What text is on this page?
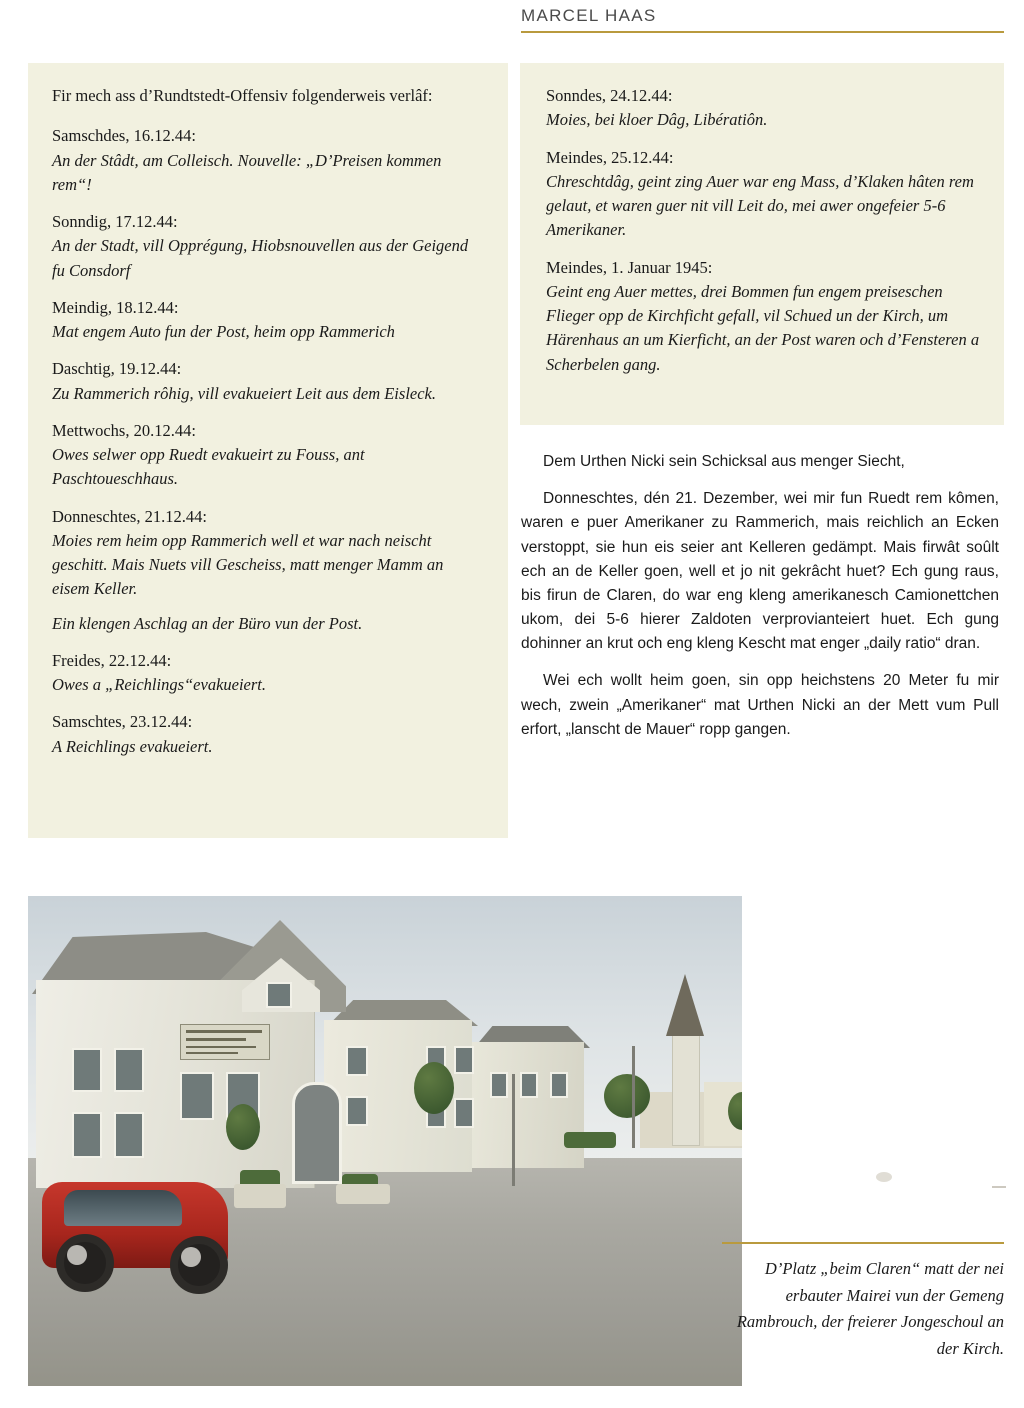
MARCEL HAAS
Fir mech ass d’Rundtstedt-Offensiv folgenderweis verlâf:
Samschdes, 16.12.44:
An der Stâdt, am Colleisch. Nouvelle: „D’Preisen kommen rem“!
Sonndig, 17.12.44:
An der Stadt, vill Opprégung, Hiobsnouvellen aus der Geigend fu Consdorf
Meindig, 18.12.44:
Mat engem Auto fun der Post, heim opp Rammerich
Daschtig, 19.12.44:
Zu Rammerich rôhig, vill evakueiert Leit aus dem Eisleck.
Mettwochs, 20.12.44:
Owes selwer opp Ruedt evakueirt zu Fouss, ant Paschtoueschhaus.
Donneschtes, 21.12.44:
Moies rem heim opp Rammerich well et war nach neischt geschitt. Mais Nuets vill Gescheiss, matt menger Mamm an eisem Keller.
Ein klengen Aschlag an der Büro vun der Post.
Freides, 22.12.44:
Owes a „Reichlings“evakueiert.
Samschtes, 23.12.44:
A Reichlings evakueiert.
Sonndes, 24.12.44:
Moies, bei kloer Dâg, Libératiôn.
Meindes, 25.12.44:
Chreschtdâg, geint zing Auer war eng Mass, d’Klaken hâten rem gelaut, et waren guer nit vill Leit do, mei awer ongefeier 5-6 Amerikaner.
Meindes, 1. Januar 1945:
Geint eng Auer mettes, drei Bommen fun engem preiseschen Flieger opp de Kirchficht gefall, vil Schued un der Kirch, um Härenhaus an um Kierficht, an der Post waren och d’Fensteren a Scherbelen gang.

Dem Urthen Nicki sein Schicksal aus menger Siecht,

Donneschtes, dén 21. Dezember, wei mir fun Ruedt rem kômen, waren e puer Amerikaner zu Rammerich, mais reichlich an Ecken verstoppt, sie hun eis seier ant Kelleren gedämpt. Mais firwât soûlt ech an de Keller goen, well et jo nit gekrâcht huet? Ech gung raus, bis firun de Claren, do war eng kleng amerikanesch Camionettchen ukom, dei 5-6 hierer Zaldoten verprovianteiert huet. Ech gung dohinner an krut och eng kleng Kescht mat enger „daily ratio“ dran.

Wei ech wollt heim goen, sin opp heichstens 20 Meter fu mir wech, zwein „Amerikaner“ mat Urthen Nicki an der Mett vum Pull erfort, „lanscht de Mauer“ ropp gangen.

D’Platz „beim Claren“ matt der nei erbauter Mairei vun der Gemeng Rambrouch, der freierer Jongeschoul an der Kirch.
